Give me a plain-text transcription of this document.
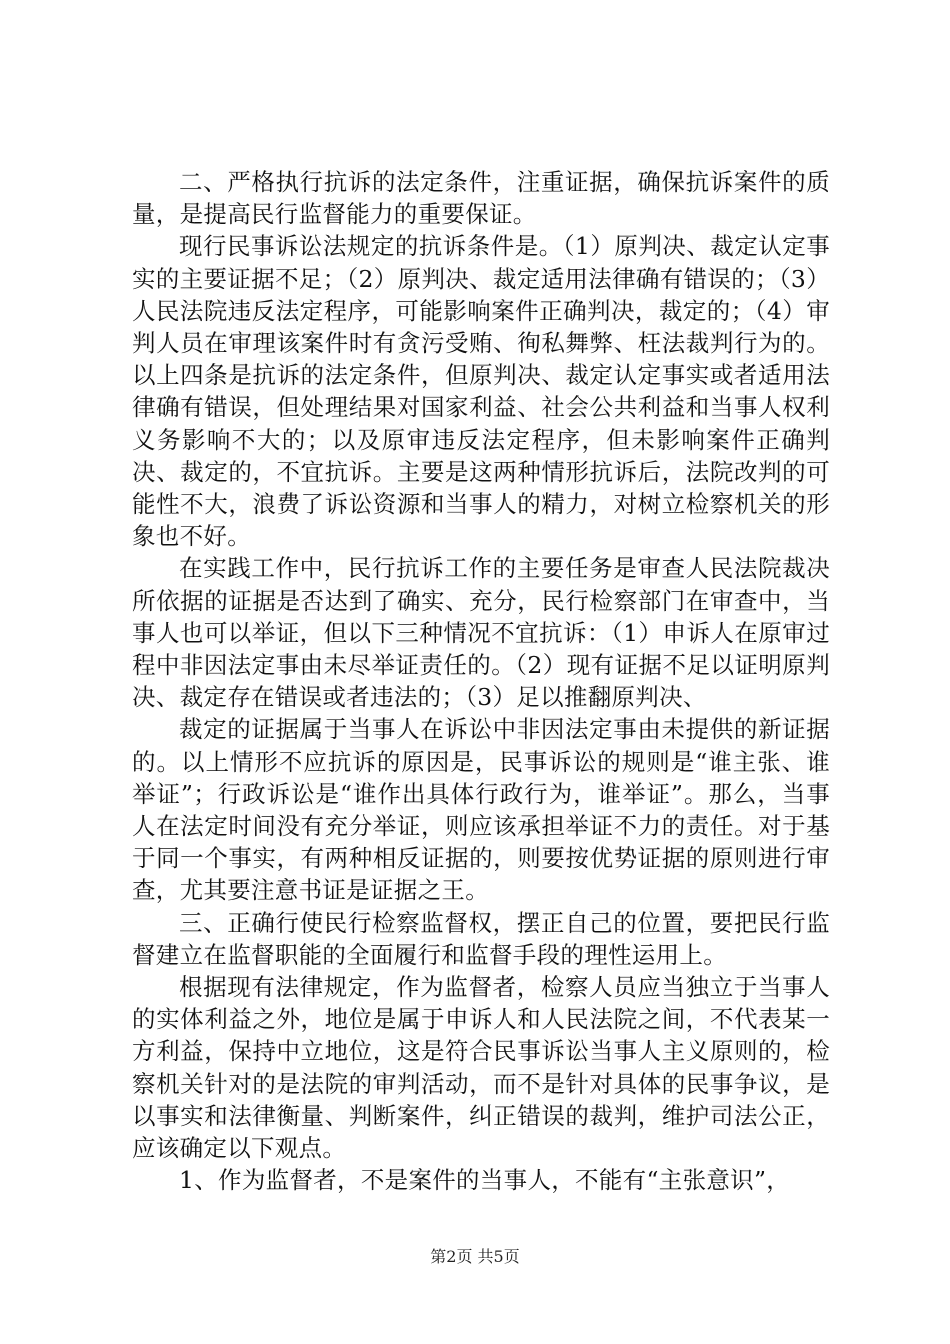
二、严格执行抗诉的法定条件，注重证据，确保抗诉案件的质量，是提高民行监督能力的重要保证。

现行民事诉讼法规定的抗诉条件是。（1）原判决、裁定认定事实的主要证据不足；（2）原判决、裁定适用法律确有错误的；（3）人民法院违反法定程序，可能影响案件正确判决，裁定的；（4）审判人员在审理该案件时有贪污受贿、徇私舞弊、枉法裁判行为的。以上四条是抗诉的法定条件，但原判决、裁定认定事实或者适用法律确有错误，但处理结果对国家利益、社会公共利益和当事人权利义务影响不大的；以及原审违反法定程序，但未影响案件正确判决、裁定的，不宜抗诉。主要是这两种情形抗诉后，法院改判的可能性不大，浪费了诉讼资源和当事人的精力，对树立检察机关的形象也不好。

在实践工作中，民行抗诉工作的主要任务是审查人民法院裁决所依据的证据是否达到了确实、充分，民行检察部门在审查中，当事人也可以举证，但以下三种情况不宜抗诉：（1）申诉人在原审过程中非因法定事由未尽举证责任的。（2）现有证据不足以证明原判决、裁定存在错误或者违法的；（3）足以推翻原判决、

裁定的证据属于当事人在诉讼中非因法定事由未提供的新证据的。以上情形不应抗诉的原因是，民事诉讼的规则是“谁主张、谁举证”；行政诉讼是“谁作出具体行政行为，谁举证”。那么，当事人在法定时间没有充分举证，则应该承担举证不力的责任。对于基于同一个事实，有两种相反证据的，则要按优势证据的原则进行审查，尤其要注意书证是证据之王。

三、正确行使民行检察监督权，摆正自己的位置，要把民行监督建立在监督职能的全面履行和监督手段的理性运用上。

根据现有法律规定，作为监督者，检察人员应当独立于当事人的实体利益之外，地位是属于申诉人和人民法院之间，不代表某一方利益，保持中立地位，这是符合民事诉讼当事人主义原则的，检察机关针对的是法院的审判活动，而不是针对具体的民事争议，是以事实和法律衡量、判断案件，纠正错误的裁判，维护司法公正，应该确定以下观点。

1、作为监督者，不是案件的当事人，不能有“主张意识”，

第2页 共5页
